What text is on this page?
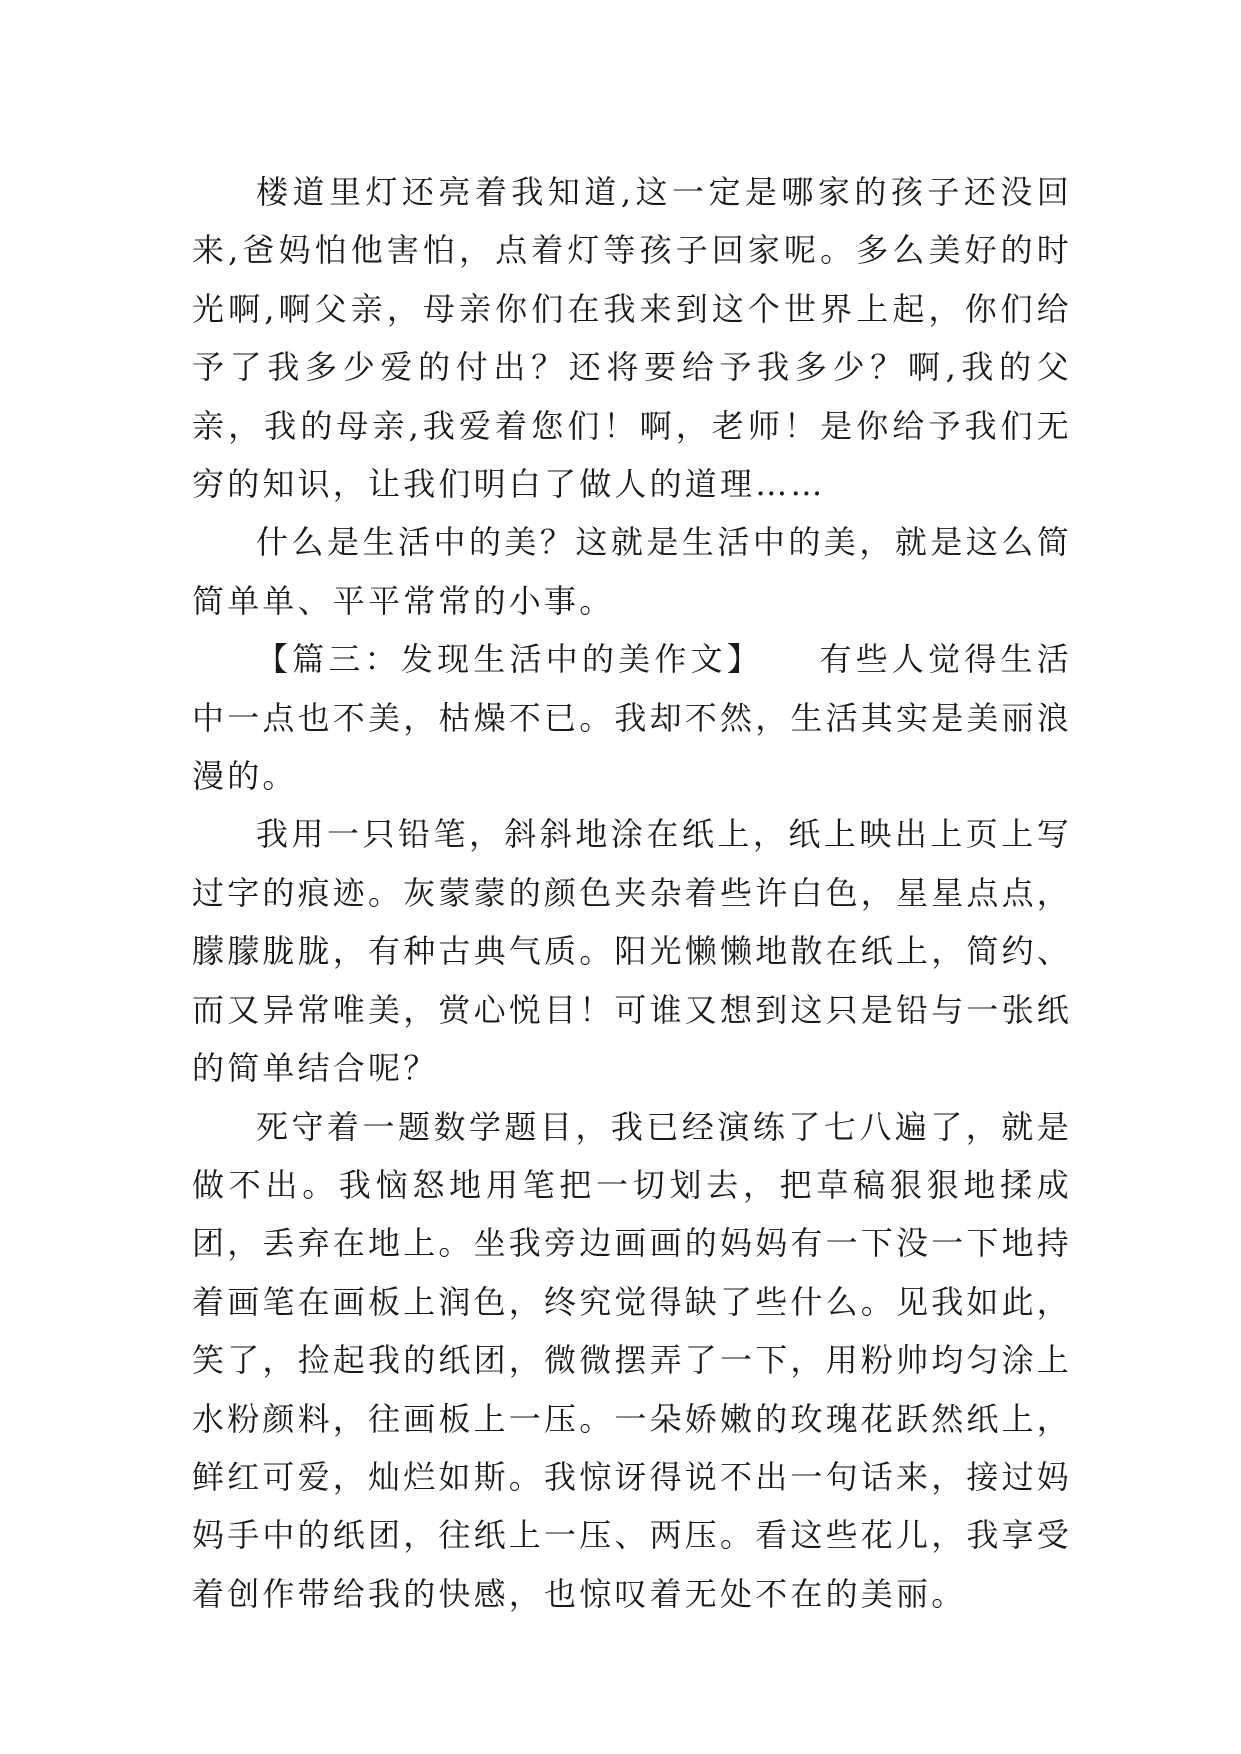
楼道里灯还亮着我知道,这一定是哪家的孩子还没回来,爸妈怕他害怕，点着灯等孩子回家呢。多么美好的时光啊,啊父亲，母亲你们在我来到这个世界上起，你们给予了我多少爱的付出？还将要给予我多少？啊,我的父亲，我的母亲,我爱着您们！啊，老师！是你给予我们无穷的知识，让我们明白了做人的道理……

什么是生活中的美？这就是生活中的美，就是这么简简单单、平平常常的小事。

【篇三：发现生活中的美作文】　　有些人觉得生活中一点也不美，枯燥不已。我却不然，生活其实是美丽浪漫的。

我用一只铅笔，斜斜地涂在纸上，纸上映出上页上写过字的痕迹。灰蒙蒙的颜色夹杂着些许白色，星星点点，朦朦胧胧，有种古典气质。阳光懒懒地散在纸上，简约、而又异常唯美，赏心悦目！可谁又想到这只是铅与一张纸的简单结合呢？

死守着一题数学题目，我已经演练了七八遍了，就是做不出。我恼怒地用笔把一切划去，把草稿狠狠地揉成团，丢弃在地上。坐我旁边画画的妈妈有一下没一下地持着画笔在画板上润色，终究觉得缺了些什么。见我如此，笑了，捡起我的纸团，微微摆弄了一下，用粉帅均匀涂上水粉颜料，往画板上一压。一朵娇嫩的玫瑰花跃然纸上，鲜红可爱，灿烂如斯。我惊讶得说不出一句话来，接过妈妈手中的纸团，往纸上一压、两压。看这些花儿，我享受着创作带给我的快感，也惊叹着无处不在的美丽。
